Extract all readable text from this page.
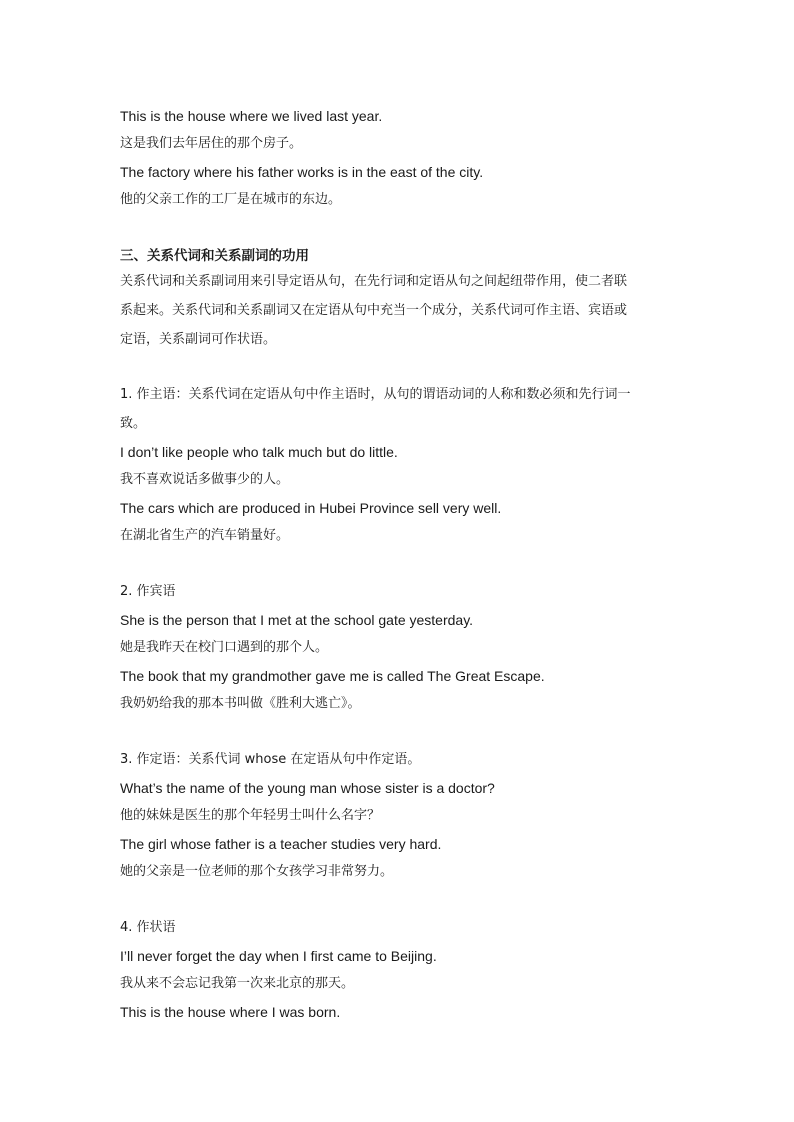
This is the house where we lived last year.
这是我们去年居住的那个房子。
The factory where his father works is in the east of the city.
他的父亲工作的工厂是在城市的东边。
三、关系代词和关系副词的功用
关系代词和关系副词用来引导定语从句，在先行词和定语从句之间起纽带作用，使二者联
系起来。关系代词和关系副词又在定语从句中充当一个成分，关系代词可作主语、宾语或
定语，关系副词可作状语。
1. 作主语：关系代词在定语从句中作主语时，从句的谓语动词的人称和数必须和先行词一
致。
I don’t like people who talk much but do little.
我不喜欢说话多做事少的人。
The cars which are produced in Hubei Province sell very well.
在湖北省生产的汽车销量好。
2. 作宾语
She is the person that I met at the school gate yesterday.
她是我昨天在校门口遇到的那个人。
The book that my grandmother gave me is called The Great Escape.
我奶奶给我的那本书叫做《胜利大逃亡》。
3. 作定语：关系代词 whose 在定语从句中作定语。
What’s the name of the young man whose sister is a doctor?
他的妹妹是医生的那个年轻男士叫什么名字？
The girl whose father is a teacher studies very hard.
她的父亲是一位老师的那个女孩学习非常努力。
4. 作状语
I’ll never forget the day when I first came to Beijing.
我从来不会忘记我第一次来北京的那天。
This is the house where I was born.
